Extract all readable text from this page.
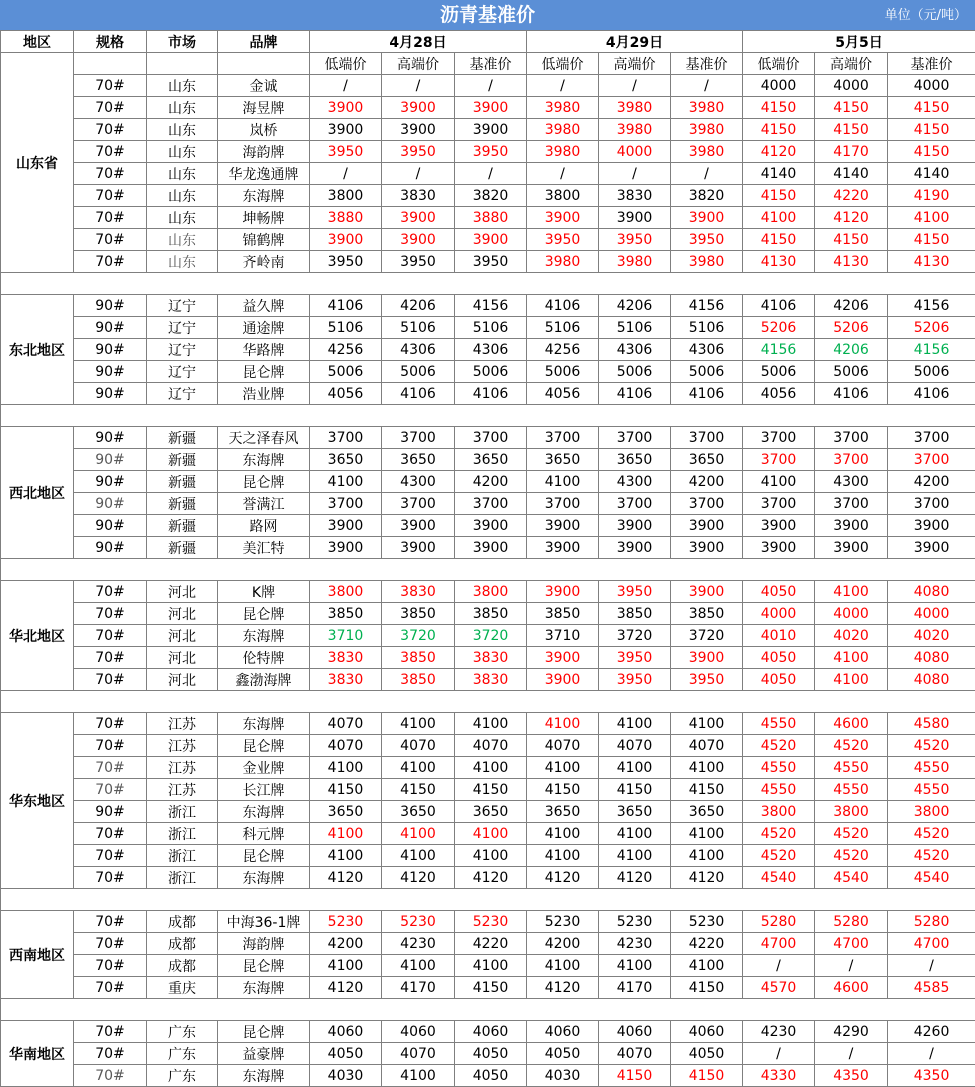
沥青基准价	单位（元/吨）
地区	规格	市场	品牌	4月28日			4月29日			5月5日		
山东省				低端价	高端价	基准价	低端价	高端价	基准价	低端价	高端价	基准价
	70#	山东	金诚	/	/	/	/	/	/	4000	4000	4000
	70#	山东	海昱牌	3900	3900	3900	3980	3980	3980	4150	4150	4150
	70#	山东	岚桥	3900	3900	3900	3980	3980	3980	4150	4150	4150
	70#	山东	海韵牌	3950	3950	3950	3980	4000	3980	4120	4170	4150
	70#	山东	华龙逸通牌	/	/	/	/	/	/	4140	4140	4140
	70#	山东	东海牌	3800	3830	3820	3800	3830	3820	4150	4220	4190
	70#	山东	坤畅牌	3880	3900	3880	3900	3900	3900	4100	4120	4100
	70#	山东	锦鹤牌	3900	3900	3900	3950	3950	3950	4150	4150	4150
	70#	山东	齐岭南	3950	3950	3950	3980	3980	3980	4130	4130	4130

东北地区	90#	辽宁	益久牌	4106	4206	4156	4106	4206	4156	4106	4206	4156
	90#	辽宁	通途牌	5106	5106	5106	5106	5106	5106	5206	5206	5206
	90#	辽宁	华路牌	4256	4306	4306	4256	4306	4306	4156	4206	4156
	90#	辽宁	昆仑牌	5006	5006	5006	5006	5006	5006	5006	5006	5006
	90#	辽宁	浩业牌	4056	4106	4106	4056	4106	4106	4056	4106	4106

西北地区	90#	新疆	天之泽春风	3700	3700	3700	3700	3700	3700	3700	3700	3700
	90#	新疆	东海牌	3650	3650	3650	3650	3650	3650	3700	3700	3700
	90#	新疆	昆仑牌	4100	4300	4200	4100	4300	4200	4100	4300	4200
	90#	新疆	誉满江	3700	3700	3700	3700	3700	3700	3700	3700	3700
	90#	新疆	路网	3900	3900	3900	3900	3900	3900	3900	3900	3900
	90#	新疆	美汇特	3900	3900	3900	3900	3900	3900	3900	3900	3900

华北地区	70#	河北	K牌	3800	3830	3800	3900	3950	3900	4050	4100	4080
	70#	河北	昆仑牌	3850	3850	3850	3850	3850	3850	4000	4000	4000
	70#	河北	东海牌	3710	3720	3720	3710	3720	3720	4010	4020	4020
	70#	河北	伦特牌	3830	3850	3830	3900	3950	3900	4050	4100	4080
	70#	河北	鑫渤海牌	3830	3850	3830	3900	3950	3950	4050	4100	4080

华东地区	70#	江苏	东海牌	4070	4100	4100	4100	4100	4100	4550	4600	4580
	70#	江苏	昆仑牌	4070	4070	4070	4070	4070	4070	4520	4520	4520
	70#	江苏	金业牌	4100	4100	4100	4100	4100	4100	4550	4550	4550
	70#	江苏	长江牌	4150	4150	4150	4150	4150	4150	4550	4550	4550
	90#	浙江	东海牌	3650	3650	3650	3650	3650	3650	3800	3800	3800
	70#	浙江	科元牌	4100	4100	4100	4100	4100	4100	4520	4520	4520
	70#	浙江	昆仑牌	4100	4100	4100	4100	4100	4100	4520	4520	4520
	70#	浙江	东海牌	4120	4120	4120	4120	4120	4120	4540	4540	4540

西南地区	70#	成都	中海36-1牌	5230	5230	5230	5230	5230	5230	5280	5280	5280
	70#	成都	海韵牌	4200	4230	4220	4200	4230	4220	4700	4700	4700
	70#	成都	昆仑牌	4100	4100	4100	4100	4100	4100	/	/	/
	70#	重庆	东海牌	4120	4170	4150	4120	4170	4150	4570	4600	4585

华南地区	70#	广东	昆仑牌	4060	4060	4060	4060	4060	4060	4230	4290	4260
	70#	广东	益豪牌	4050	4070	4050	4050	4070	4050	/	/	/
	70#	广东	东海牌	4030	4100	4050	4030	4150	4150	4330	4350	4350
